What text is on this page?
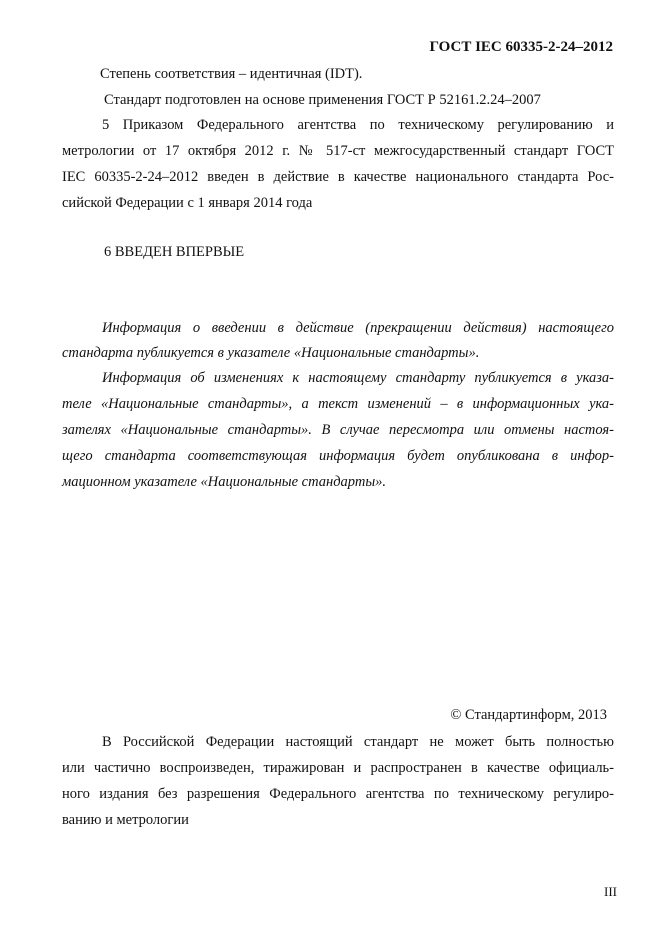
ГОСТ IEC 60335-2-24–2012
Степень соответствия – идентичная (IDT).
Стандарт подготовлен на основе применения ГОСТ Р 52161.2.24–2007
5 Приказом Федерального агентства по техническому регулированию и
метрологии от 17 октября 2012 г. № 517-ст межгосударственный стандарт ГОСТ
IEC 60335-2-24–2012 введен в действие в качестве национального стандарта Рос-
сийской Федерации с 1 января 2014 года
6 ВВЕДЕН ВПЕРВЫЕ
Информация о введении в действие (прекращении действия) настоящего
стандарта публикуется в указателе «Национальные стандарты».
Информация об изменениях к настоящему стандарту публикуется в указа-
теле «Национальные стандарты», а текст изменений – в информационных ука-
зателях «Национальные стандарты». В случае пересмотра или отмены настоя-
щего стандарта соответствующая информация будет опубликована в инфор-
мационном указателе «Национальные стандарты».
© Стандартинформ, 2013
В Российской Федерации настоящий стандарт не может быть полностью
или частично воспроизведен, тиражирован и распространен в качестве официаль-
ного издания без разрешения Федерального агентства по техническому регулиро-
ванию и метрологии
III
